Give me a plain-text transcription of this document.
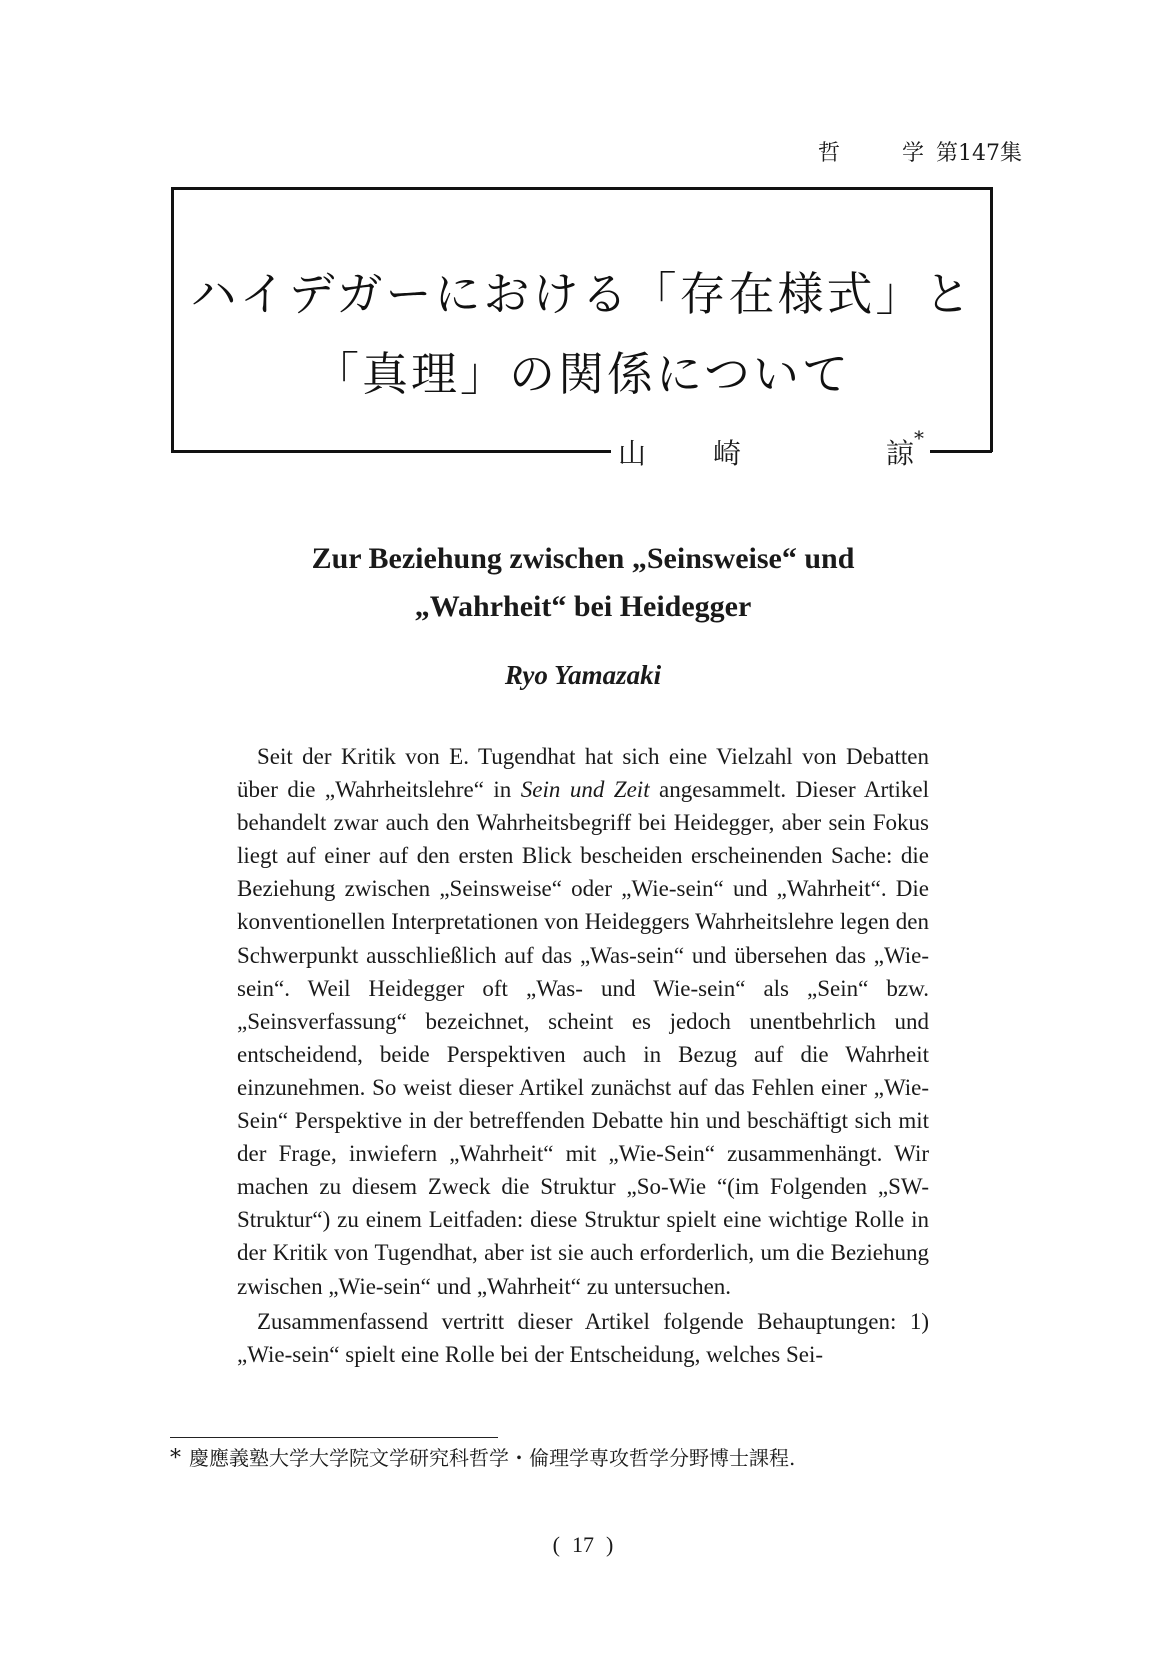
哲	学 第147集
ハイデガーにおける「存在様式」と
「真理」の関係について
山 崎	諒*
Zur Beziehung zwischen „Seinsweise“ und
„Wahrheit“ bei Heidegger
Ryo Yamazaki

Seit der Kritik von E. Tugendhat hat sich eine Vielzahl von Debatten über die „Wahrheitslehre“ in Sein und Zeit angesammelt. Dieser Artikel behandelt zwar auch den Wahrheitsbegriff bei Heidegger, aber sein Fokus liegt auf einer auf den ersten Blick bescheiden erscheinenden Sache: die Beziehung zwischen „Seinsweise“ oder „Wie-sein“ und „Wahrheit“. Die konventionellen Interpretationen von Heideggers Wahrheitslehre legen den Schwerpunkt ausschließlich auf das „Was-sein“ und übersehen das „Wie-sein“. Weil Heidegger oft „Was- und Wie-sein“ als „Sein“ bzw. „Seinsverfassung“ bezeichnet, scheint es jedoch unentbehrlich und entscheidend, beide Perspektiven auch in Bezug auf die Wahrheit einzunehmen. So weist dieser Artikel zunächst auf das Fehlen einer „Wie-Sein“ Perspektive in der betreffenden Debatte hin und beschäftigt sich mit der Frage, inwiefern „Wahrheit“ mit „Wie-Sein“ zusammenhängt. Wir machen zu diesem Zweck die Struktur „So-Wie “(im Folgenden „SW-Struktur“) zu einem Leitfaden: diese Struktur spielt eine wichtige Rolle in der Kritik von Tugendhat, aber ist sie auch erforderlich, um die Beziehung zwischen „Wie-sein“ und „Wahrheit“ zu untersuchen.

Zusammenfassend vertritt dieser Artikel folgende Behauptungen: 1)„Wie-sein“ spielt eine Rolle bei der Entscheidung, welches Sei-

* 慶應義塾大学大学院文学研究科哲学・倫理学専攻哲学分野博士課程.
( 17 )
